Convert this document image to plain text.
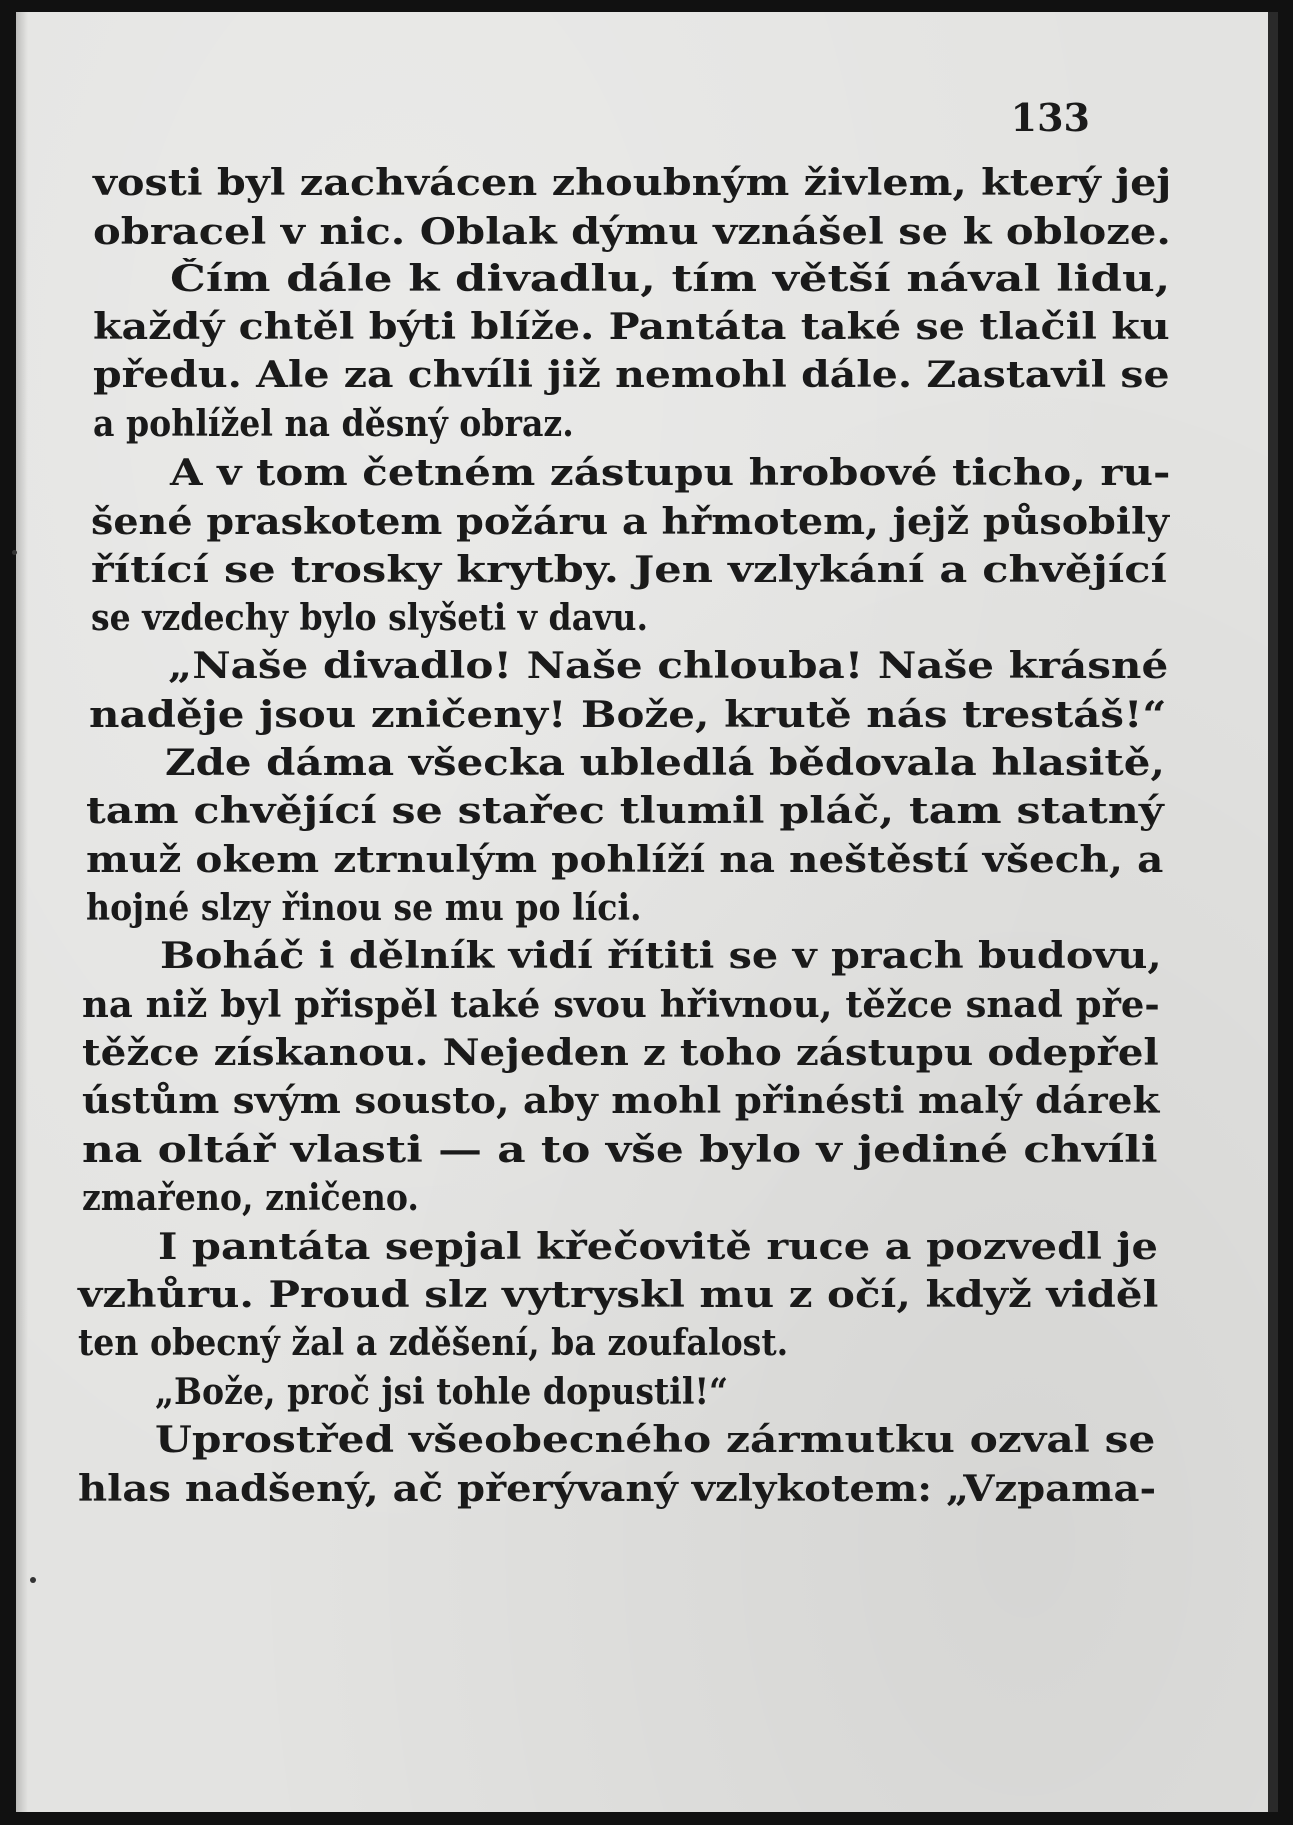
133
vosti byl zachvácen zhoubným živlem, který jej
obracel v nic. Oblak dýmu vznášel se k obloze.
Čím dále k divadlu, tím větší nával lidu,
každý chtěl býti blíže. Pantáta také se tlačil ku
předu. Ale za chvíli již nemohl dále. Zastavil se
a pohlížel na děsný obraz.
A v tom četném zástupu hrobové ticho, ru-
šené praskotem požáru a hřmotem, jejž působily
řítící se trosky krytby. Jen vzlykání a chvějící
se vzdechy bylo slyšeti v davu.
„Naše divadlo! Naše chlouba! Naše krásné
naděje jsou zničeny! Bože, krutě nás trestáš!“
Zde dáma všecka ubledlá bědovala hlasitě,
tam chvějící se stařec tlumil pláč, tam statný
muž okem ztrnulým pohlíží na neštěstí všech, a
hojné slzy řinou se mu po líci.
Boháč i dělník vidí řítiti se v prach budovu,
na niž byl přispěl také svou hřivnou, těžce snad pře-
těžce získanou. Nejeden z toho zástupu odepřel
ústům svým sousto, aby mohl přinésti malý dárek
na oltář vlasti — a to vše bylo v jediné chvíli
zmařeno, zničeno.
I pantáta sepjal křečovitě ruce a pozvedl je
vzhůru. Proud slz vytryskl mu z očí, když viděl
ten obecný žal a zděšení, ba zoufalost.
„Bože, proč jsi tohle dopustil!“
Uprostřed všeobecného zármutku ozval se
hlas nadšený, ač přerývaný vzlykotem: „Vzpama-
